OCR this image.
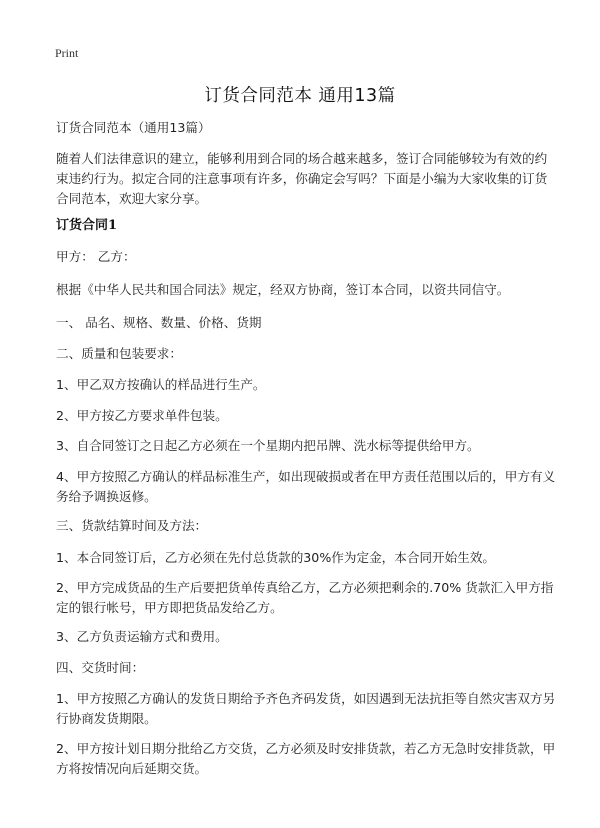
Print
订货合同范本 通用13篇
订货合同范本（通用13篇）
随着人们法律意识的建立，能够利用到合同的场合越来越多，签订合同能够较为有效的约束违约行为。拟定合同的注意事项有许多，你确定会写吗？下面是小编为大家收集的订货合同范本，欢迎大家分享。
订货合同1
甲方： 乙方：
根据《中华人民共和国合同法》规定，经双方协商，签订本合同，以资共同信守。
一、 品名、规格、数量、价格、货期
二、质量和包装要求：
1、甲乙双方按确认的样品进行生产。
2、甲方按乙方要求单件包装。
3、自合同签订之日起乙方必须在一个星期内把吊牌、洗水标等提供给甲方。
4、甲方按照乙方确认的样品标准生产，如出现破损或者在甲方责任范围以后的，甲方有义务给予调换返修。
三、货款结算时间及方法：
1、本合同签订后，乙方必须在先付总货款的30%作为定金，本合同开始生效。
2、甲方完成货品的生产后要把货单传真给乙方，乙方必须把剩余的.70% 货款汇入甲方指定的银行帐号，甲方即把货品发给乙方。
3、乙方负责运输方式和费用。
四、交货时间：
1、甲方按照乙方确认的发货日期给予齐色齐码发货，如因遇到无法抗拒等自然灾害双方另行协商发货期限。
2、甲方按计划日期分批给乙方交货，乙方必须及时安排货款，若乙方无急时安排货款，甲方将按情况向后延期交货。
